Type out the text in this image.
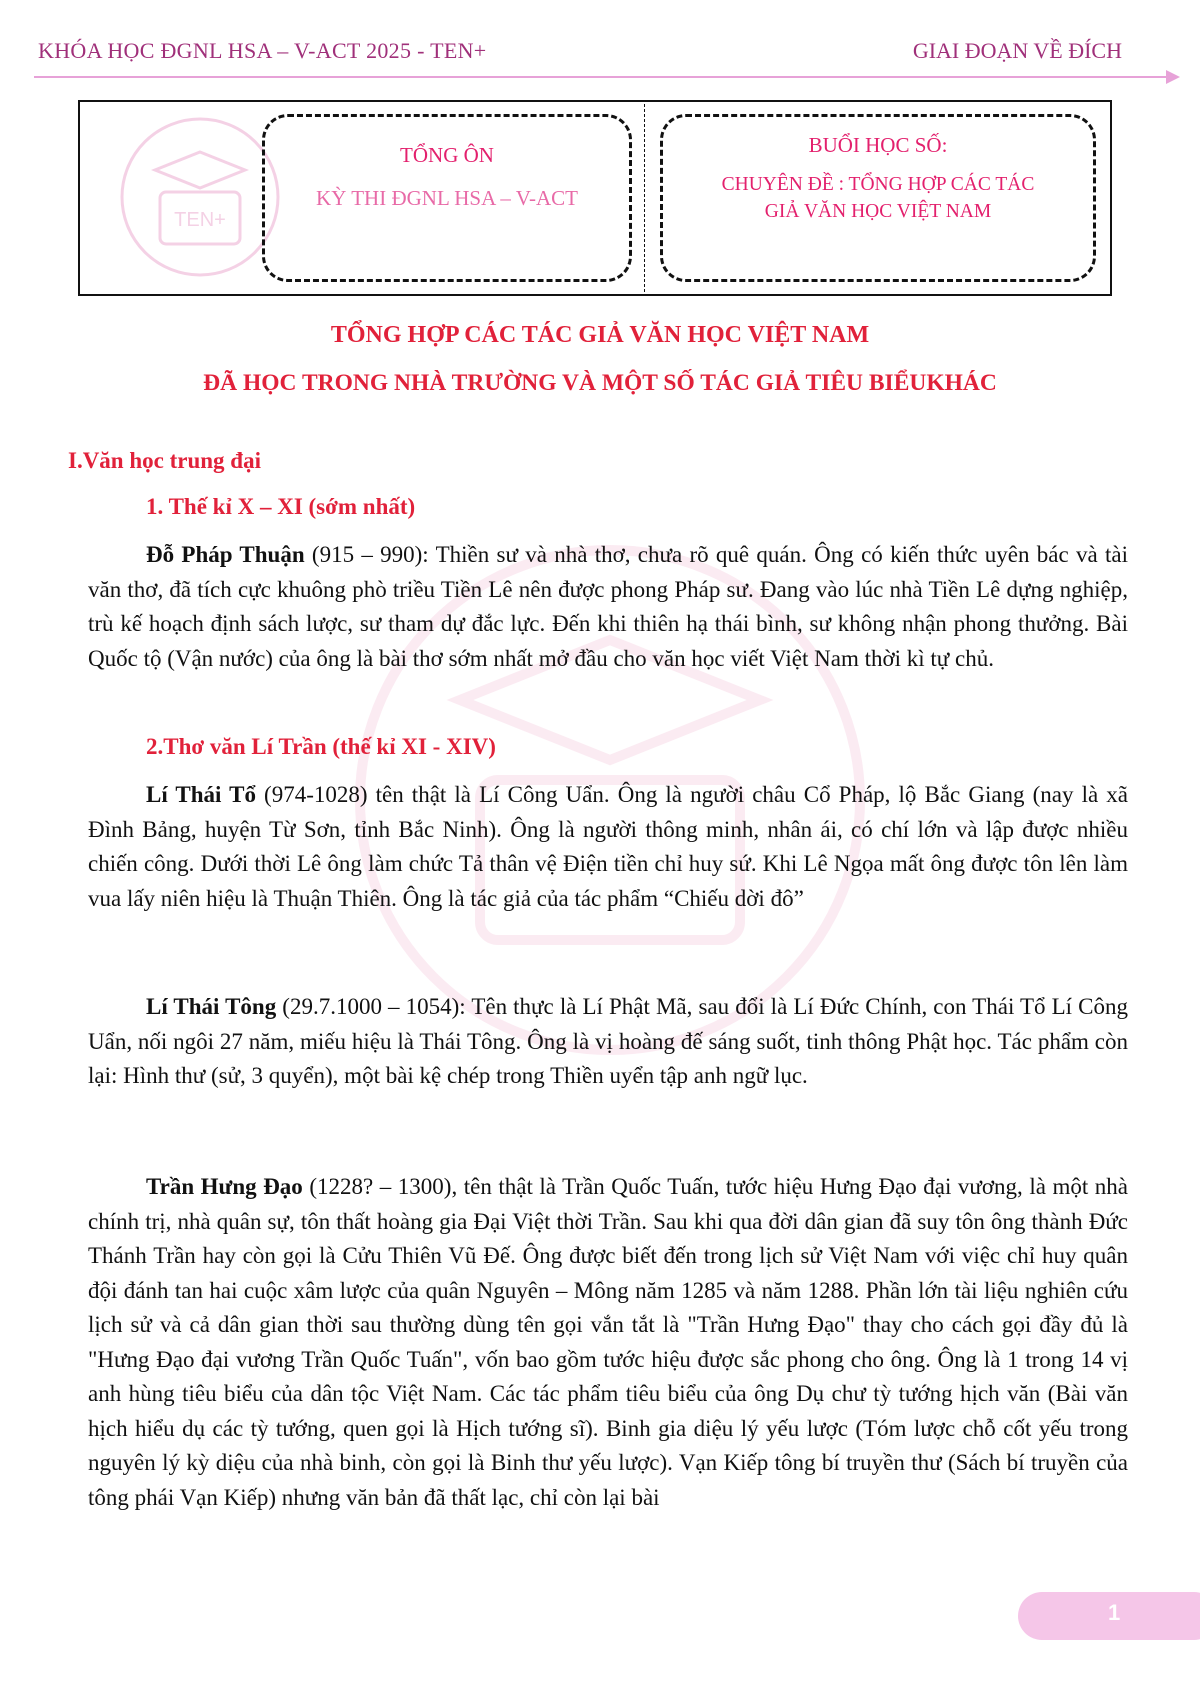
KHÓA HỌC ĐGNL HSA – V-ACT 2025 - TEN+	GIAI ĐOẠN VỀ ĐÍCH
TEN+
TỔNG ÔN
KỲ THI ĐGNL HSA – V-ACT
BUỔI HỌC SỐ:
CHUYÊN ĐỀ : TỔNG HỢP CÁC TÁC
GIẢ VĂN HỌC VIỆT NAM
TỔNG HỢP CÁC TÁC GIẢ VĂN HỌC VIỆT NAM
ĐÃ HỌC TRONG NHÀ TRƯỜNG VÀ MỘT SỐ TÁC GIẢ TIÊU BIỂUKHÁC
I.Văn học trung đại
1. Thế kỉ X – XI (sớm nhất)

Đỗ Pháp Thuận (915 – 990): Thiền sư và nhà thơ, chưa rõ quê quán. Ông có kiến thức uyên bác và tài văn thơ, đã tích cực khuông phò triều Tiền Lê nên được phong Pháp sư. Đang vào lúc nhà Tiền Lê dựng nghiệp, trù kế hoạch định sách lược, sư tham dự đắc lực. Đến khi thiên hạ thái bình, sư không nhận phong thưởng. Bài Quốc tộ (Vận nước) của ông là bài thơ sớm nhất mở đầu cho văn học viết Việt Nam thời kì tự chủ.

2.Thơ văn Lí Trần (thế kỉ XI - XIV)

Lí Thái Tổ (974-1028) tên thật là Lí Công Uẩn. Ông là người châu Cổ Pháp, lộ Bắc Giang (nay là xã Đình Bảng, huyện Từ Sơn, tỉnh Bắc Ninh). Ông là người thông minh, nhân ái, có chí lớn và lập được nhiều chiến công. Dưới thời Lê ông làm chức Tả thân vệ Điện tiền chỉ huy sứ. Khi Lê Ngọa mất ông được tôn lên làm vua lấy niên hiệu là Thuận Thiên. Ông là tác giả của tác phẩm “Chiếu dời đô”

Lí Thái Tông (29.7.1000 – 1054): Tên thực là Lí Phật Mã, sau đổi là Lí Đức Chính, con Thái Tổ Lí Công Uẩn, nối ngôi 27 năm, miếu hiệu là Thái Tông. Ông là vị hoàng đế sáng suốt, tinh thông Phật học. Tác phẩm còn lại: Hình thư (sử, 3 quyển), một bài kệ chép trong Thiền uyển tập anh ngữ lục.

Trần Hưng Đạo (1228? – 1300), tên thật là Trần Quốc Tuấn, tước hiệu Hưng Đạo đại vương, là một nhà chính trị, nhà quân sự, tôn thất hoàng gia Đại Việt thời Trần. Sau khi qua đời dân gian đã suy tôn ông thành Đức Thánh Trần hay còn gọi là Cửu Thiên Vũ Đế. Ông được biết đến trong lịch sử Việt Nam với việc chỉ huy quân đội đánh tan hai cuộc xâm lược của quân Nguyên – Mông năm 1285 và năm 1288. Phần lớn tài liệu nghiên cứu lịch sử và cả dân gian thời sau thường dùng tên gọi vắn tắt là "Trần Hưng Đạo" thay cho cách gọi đầy đủ là "Hưng Đạo đại vương Trần Quốc Tuấn", vốn bao gồm tước hiệu được sắc phong cho ông. Ông là 1 trong 14 vị anh hùng tiêu biểu của dân tộc Việt Nam. Các tác phẩm tiêu biểu của ông Dụ chư tỳ tướng hịch văn (Bài văn hịch hiểu dụ các tỳ tướng, quen gọi là Hịch tướng sĩ). Binh gia diệu lý yếu lược (Tóm lược chỗ cốt yếu trong nguyên lý kỳ diệu của nhà binh, còn gọi là Binh thư yếu lược). Vạn Kiếp tông bí truyền thư (Sách bí truyền của tông phái Vạn Kiếp) nhưng văn bản đã thất lạc, chỉ còn lại bài

1
